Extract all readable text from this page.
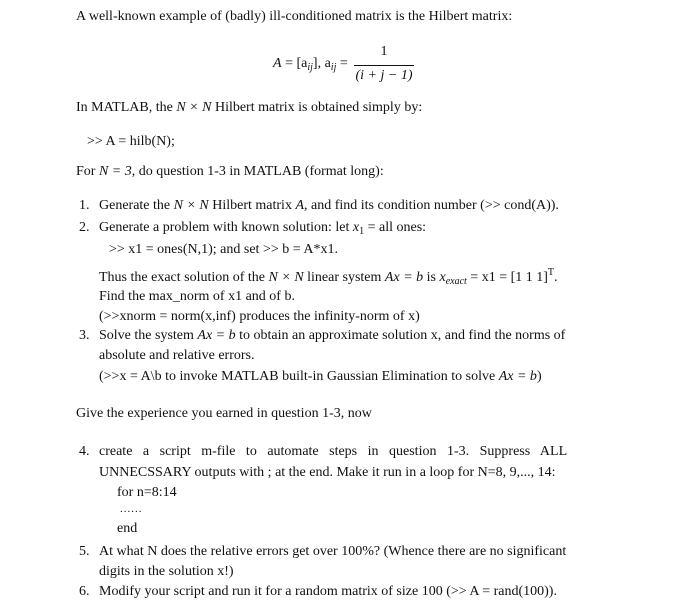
A well-known example of (badly) ill-conditioned matrix is the Hilbert matrix:
$A = [a_{ij}]$, $a_{ij}$ =
1
(i + j − 1)
In MATLAB, the N × N Hilbert matrix is obtained simply by:
>> A = hilb(N);
For N = 3, do question 1-3 in MATLAB (format long):
1. Generate the N × N Hilbert matrix A, and find its condition number (>> cond(A)).
2. Generate a problem with known solution: let $x_1$ = all ones:
>> x1 = ones(N,1); and set >> b = A*x1.
Thus the exact solution of the N × N linear system Ax = b is $x_{exact} = x1 = [1$ 1 1]$^T$.
Find the max_norm of x1 and of b.
(>>xnorm = norm(x,inf) produces the infinity-norm of x)
3. Solve the system Ax = b to obtain an approximate solution x, and find the norms of
absolute and relative errors.
(>>x = A\b to invoke MATLAB built-in Gaussian Elimination to solve Ax = b)
Give the experience you earned in question 1-3, now
4. create   a   script   m-file   to   automate   steps   in   question   1-3.   Suppress   ALL
UNNECSSARY outputs with ; at the end. Make it run in a loop for N=8, 9,..., 14:
for n=8:14
......
end
5. At what N does the relative errors get over 100%? (Whence there are no significant
digits in the solution x!)
6. Modify your script and run it for a random matrix of size 100 (>> A = rand(100)).
